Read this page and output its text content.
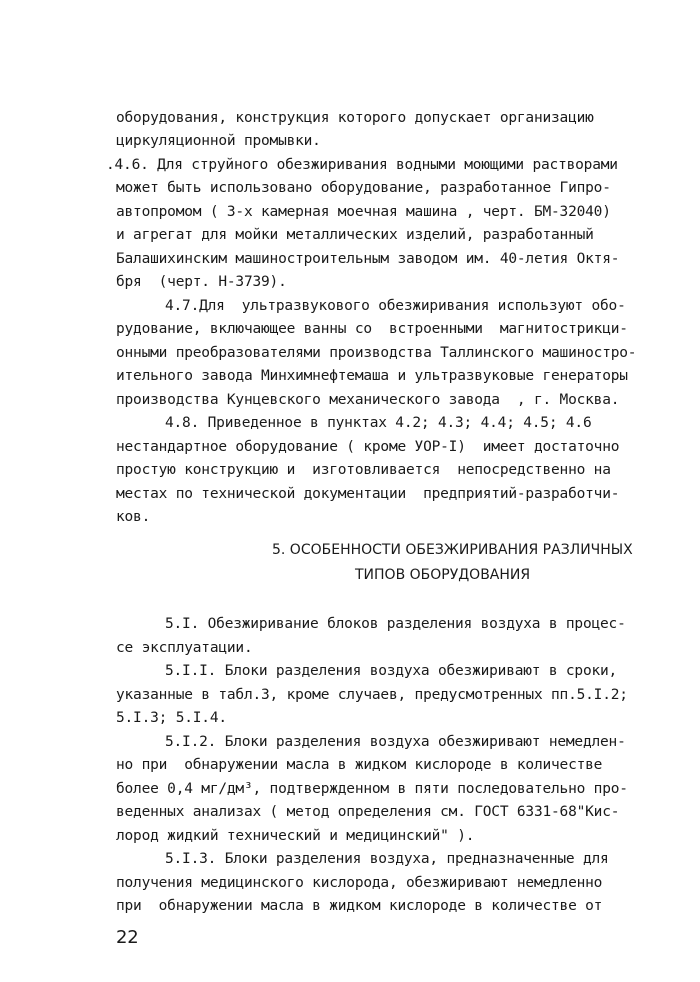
оборудования, конструкция которого допускает организацию
циркуляционной промывки.
.4.6. Для струйного обезжиривания водными моющими растворами
может быть использовано оборудование, разработанное Гипро-
автопромом ( 3-х камерная моечная машина , черт. БМ-32040)
и агрегат для мойки металлических изделий, разработанный
Балашихинским машиностроительным заводом им. 40-летия Октя-
бря  (черт. Н-3739).
4.7.Для  ультразвукового обезжиривания используют обо-
рудование, включающее ванны со  встроенными  магнитострикци-
онными преобразователями производства Таллинского машиностро-
ительного завода Минхимнефтемаша и ультразвуковые генераторы
производства Кунцевского механического завода  , г. Москва.
4.8. Приведенное в пунктах 4.2; 4.3; 4.4; 4.5; 4.6
нестандартное оборудование ( кроме УОР-I)  имеет достаточно
простую конструкцию и  изготовливается  непосредственно на
местах по технической документации  предприятий-разработчи-
ков.
5. ОСОБЕННОСТИ ОБЕЗЖИРИВАНИЯ РАЗЛИЧНЫХ
ТИПОВ ОБОРУДОВАНИЯ
5.I. Обезжиривание блоков разделения воздуха в процес-
се эксплуатации.
5.I.I. Блоки разделения воздуха обезжиривают в сроки,
указанные в табл.3, кроме случаев, предусмотренных пп.5.I.2;
5.I.3; 5.I.4.
5.I.2. Блоки разделения воздуха обезжиривают немедлен-
но при  обнаружении масла в жидком кислороде в количестве
более 0,4 мг/дм³, подтвержденном в пяти последовательно про-
веденных анализах ( метод определения см. ГОСТ 6331-68"Кис-
лород жидкий технический и медицинский" ).
5.I.3. Блоки разделения воздуха, предназначенные для
получения медицинского кислорода, обезжиривают немедленно
при  обнаружении масла в жидком кислороде в количестве от
22
